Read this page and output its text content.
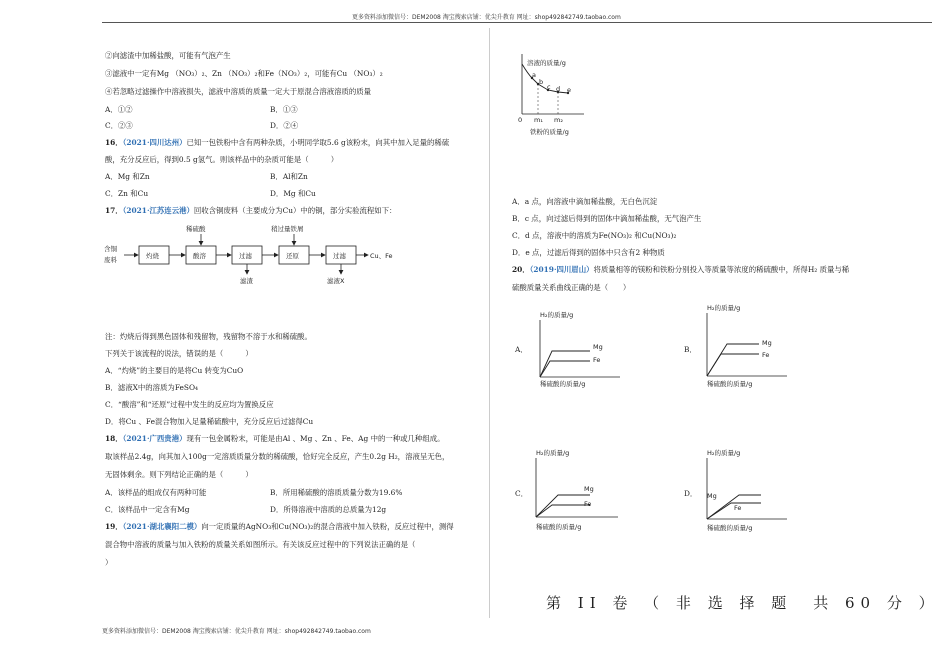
更多资料添加微信号：DEM2008 淘宝搜索店铺：优尖升教育 网址：shop492842749.taobao.com
②向滤渣中加稀盐酸，可能有气泡产生
③滤液中一定有Mg （NO₃）₂、Zn （NO₃）₂和Fe（NO₃）₂，可能有Cu （NO₃）₂
④若忽略过滤操作中溶液损失，滤液中溶质的质量一定大于原混合溶液溶质的质量
A．①②	B．①③
C．②③	D．②④
16．（2021·四川达州）已知一包铁粉中含有两种杂质，小明同学取5.6 g该粉末，向其中加入足量的稀硫
酸，充分反应后，得到0.5 g氢气。则该样品中的杂质可能是（　　　）
A．Mg 和Zn	B．Al和Zn
C．Zn 和Cu	D．Mg 和Cu
17．（2021·江苏连云港）回收含铜废料（主要成分为Cu）中的铜，部分实验流程如下：
含铜
废料	灼烧
稀硫酸
酸溶	过滤
滤渣
稍过量铁屑
还原	过滤
滤液X
Cu、Fe
注：灼烧后得到黑色固体和残留物，残留物不溶于水和稀硫酸。
下列关于该流程的说法，错误的是（　　　）
A．“灼烧”的主要目的是将Cu 转变为CuO
B．滤液X中的溶质为FeSO₄
C．“酸溶”和“还原”过程中发生的反应均为置换反应
D．将Cu 、Fe混合物加入足量稀硫酸中，充分反应后过滤得Cu
18．（2021·广西贵港）现有一包金属粉末，可能是由Al 、Mg 、Zn 、Fe、Ag 中的一种或几种组成。
取该样品2.4g，向其加入100g一定溶质质量分数的稀硫酸，恰好完全反应，产生0.2g H₂，溶液呈无色，
无固体剩余。则下列结论正确的是（　　　）
A．该样品的组成仅有两种可能	B．所用稀硫酸的溶质质量分数为19.6%
C．该样品中一定含有Mg	D．所得溶液中溶质的总质量为12g
19．（2021·湖北襄阳二模）向一定质量的AgNO₃和Cu(NO₃)₂的混合溶液中加入铁粉，反应过程中，测得
混合物中溶液的质量与加入铁粉的质量关系如图所示。有关该反应过程中的下列说法正确的是（
）
更多资料添加微信号：DEM2008 淘宝搜索店铺：优尖升教育 网址：shop492842749.taobao.com
溶液的质量/g
a
b
c d e
0 m₁ m₂
铁粉的质量/g
A．a 点，向溶液中滴加稀盐酸，无白色沉淀
B．c 点，向过滤后得到的固体中滴加稀盐酸，无气泡产生
C．d 点，溶液中的溶质为Fe(NO₃)₂ 和Cu(NO₃)₂
D．e 点，过滤后得到的固体中只含有2 种物质
20．（2019·四川眉山）将质量相等的镁粉和铁粉分别投入等质量等浓度的稀硫酸中，所得H₂ 质量与稀
硫酸质量关系曲线正确的是（　　）
A．
H₂的质量/g
Mg
Fe
稀硫酸的质量/g
B．
H₂的质量/g
Mg
Fe
稀硫酸的质量/g
C．
H₂的质量/g
Mg
Fe
稀硫酸的质量/g
D．
H₂的质量/g
Mg
Fe
稀硫酸的质量/g
第 II 卷 （ 非 选 择 题　共 60 分 ）
